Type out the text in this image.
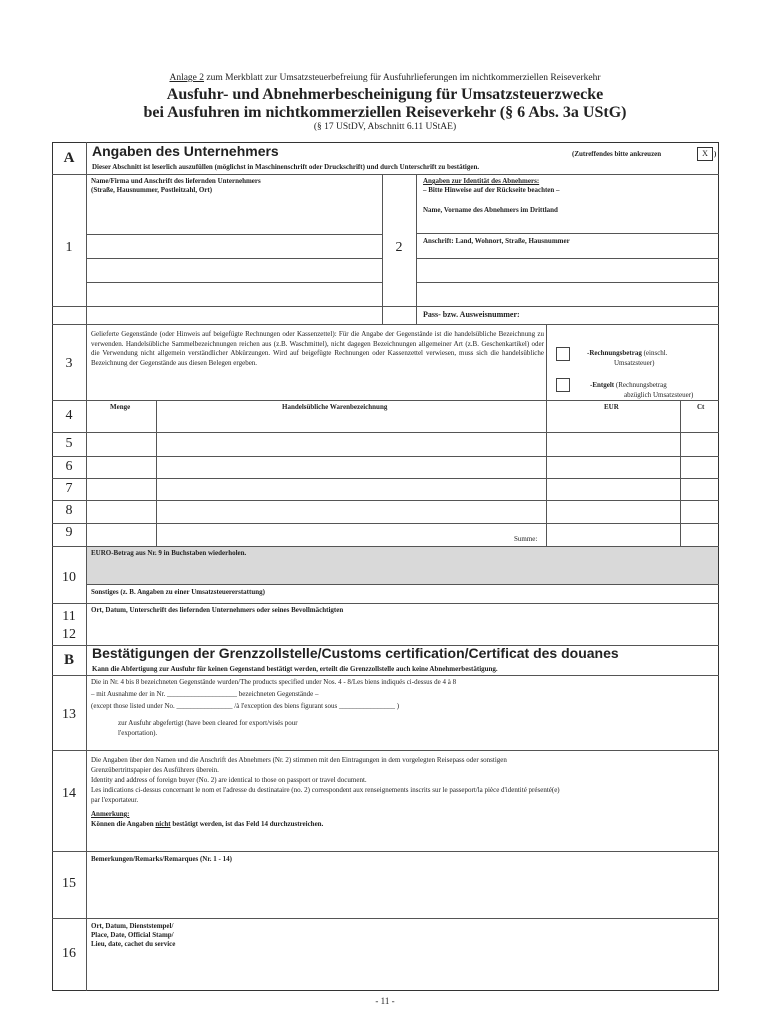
Anlage 2 zum Merkblatt zur Umsatzsteuerbefreiung für Ausfuhrlieferungen im nichtkommerziellen Reiseverkehr
Ausfuhr- und Abnehmerbescheinigung für Umsatzsteuerzwecke
bei Ausfuhren im nichtkommerziellen Reiseverkehr (§ 6 Abs. 3a UStG)
(§ 17 UStDV, Abschnitt 6.11 UStAE)
A	Angaben des Unternehmers	(Zutreffendes bitte ankreuzen	X )
Dieser Abschnitt ist leserlich auszufüllen (möglichst in Maschinenschrift oder Druckschrift) und durch Unterschrift zu bestätigen.
Name/Firma und Anschrift des liefernden Unternehmers
(Straße, Hausnummer, Postleitzahl, Ort)
1	2
Angaben zur Identität des Abnehmers:
– Bitte Hinweise auf der Rückseite beachten –
Name, Vorname des Abnehmers im Drittland
Anschrift: Land, Wohnort, Straße, Hausnummer
Pass- bzw. Ausweisnummer:
3
Gelieferte Gegenstände (oder Hinweis auf beigefügte Rechnungen oder Kassenzettel): Für die Angabe der Gegenstände ist die handelsübliche Bezeichnung zu verwenden. Handelsübliche Sammelbezeichnungen reichen aus (z.B. Waschmittel), nicht dagegen Bezeichnungen allgemeiner Art (z.B. Geschenkartikel) oder die Verwendung nicht allgemein verständlicher Abkürzungen. Wird auf beigefügte Rechnungen oder Kassenzettel verwiesen, muss sich die handelsübliche Bezeichnung der Gegenstände aus diesen Belegen ergeben.
-Rechnungsbetrag (einschl.
Umsatzsteuer)
-Entgelt (Rechnungsbetrag
abzüglich Umsatzsteuer)
4
Menge	Handelsübliche Warenbezeichnung	EUR	Ct
5
6
7
8
9	Summe:
EURO-Betrag aus Nr. 9 in Buchstaben wiederholen.
10
Sonstiges (z. B. Angaben zu einer Umsatzsteuererstattung)
Ort, Datum, Unterschrift des liefernden Unternehmers oder seines Bevollmächtigten
11
12
B	Bestätigungen der Grenzzollstelle/Customs certification/Certificat des douanes
Kann die Abfertigung zur Ausfuhr für keinen Gegenstand bestätigt werden, erteilt die Grenzzollstelle auch keine Abnehmerbestätigung.
13
Die in Nr. 4 bis 8 bezeichneten Gegenstände wurden/The products specified under Nos. 4 - 8/Les biens indiqués ci-dessus de 4 à 8
– mit Ausnahme der in Nr. ____________________ bezeichneten Gegenstände –
(except those listed under No. ________________ /à l'exception des biens figurant sous ________________ )
zur Ausfuhr abgefertigt (have been cleared for export/visés pour
l'exportation).
14
Die Angaben über den Namen und die Anschrift des Abnehmers (Nr. 2) stimmen mit den Eintragungen in dem vorgelegten Reisepass oder sonstigen
Grenzübertrittspapier des Ausführers überein.
Identity and address of foreign buyer (No. 2) are identical to those on passport or travel document.
Les indications ci-dessus concernant le nom et l'adresse du destinataire (no. 2) correspondent aux renseignements inscrits sur le passeport/la pièce d'identité présenté(e)
par l'exportateur.
Anmerkung:
Können die Angaben nicht bestätigt werden, ist das Feld 14 durchzustreichen.
Bemerkungen/Remarks/Remarques (Nr. 1 - 14)
15
Ort, Datum, Dienststempel/
Place, Date, Official Stamp/
Lieu, date, cachet du service
16
- 11 -
